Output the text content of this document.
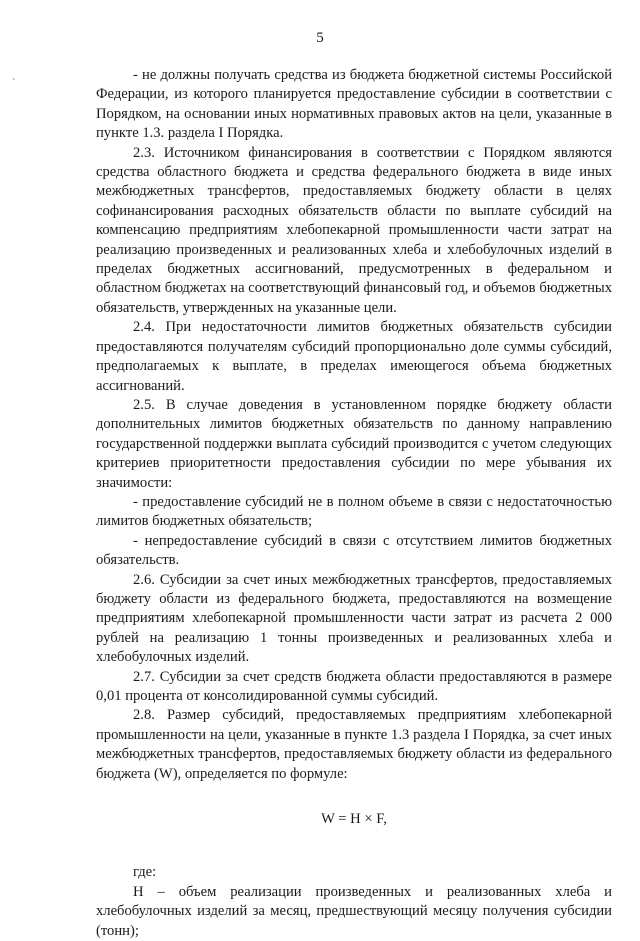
5
`

- не должны получать средства из бюджета бюджетной системы Российской Федерации, из которого планируется предоставление субсидии в соответствии с Порядком, на основании иных нормативных правовых актов на цели, указанные в пункте 1.3. раздела I Порядка.

2.3. Источником финансирования в соответствии с Порядком являются средства областного бюджета и средства федерального бюджета в виде иных межбюджетных трансфертов, предоставляемых бюджету области в целях софинансирования расходных обязательств области по выплате субсидий на компенсацию предприятиям хлебопекарной промышленности части затрат на реализацию произведенных и реализованных хлеба и хлебобулочных изделий в пределах бюджетных ассигнований, предусмотренных в федеральном и областном бюджетах на соответствующий финансовый год, и объемов бюджетных обязательств, утвержденных на указанные цели.

2.4. При недостаточности лимитов бюджетных обязательств субсидии предоставляются получателям субсидий пропорционально доле суммы субсидий, предполагаемых к выплате, в пределах имеющегося объема бюджетных ассигнований.

2.5. В случае доведения в установленном порядке бюджету области дополнительных лимитов бюджетных обязательств по данному направлению государственной поддержки выплата субсидий производится с учетом следующих критериев приоритетности предоставления субсидии по мере убывания их значимости:

- предоставление субсидий не в полном объеме в связи с недостаточностью лимитов бюджетных обязательств;

- непредоставление субсидий в связи с отсутствием лимитов бюджетных обязательств.

2.6. Субсидии за счет иных межбюджетных трансфертов, предоставляемых бюджету области из федерального бюджета, предоставляются на возмещение предприятиям хлебопекарной промышленности части затрат из расчета 2 000 рублей на реализацию 1 тонны произведенных и реализованных хлеба и хлебобулочных изделий.

2.7. Субсидии за счет средств бюджета области предоставляются в размере 0,01 процента от консолидированной суммы субсидий.

2.8. Размер субсидий, предоставляемых предприятиям хлебопекарной промышленности на цели, указанные в пункте 1.3 раздела I Порядка, за счет иных межбюджетных трансфертов, предоставляемых бюджету области из федерального бюджета (W), определяется по формуле:

W = H × F,

где:

Н – объем реализации произведенных и реализованных хлеба и хлебобулочных изделий за месяц, предшествующий месяцу получения субсидии (тонн);
